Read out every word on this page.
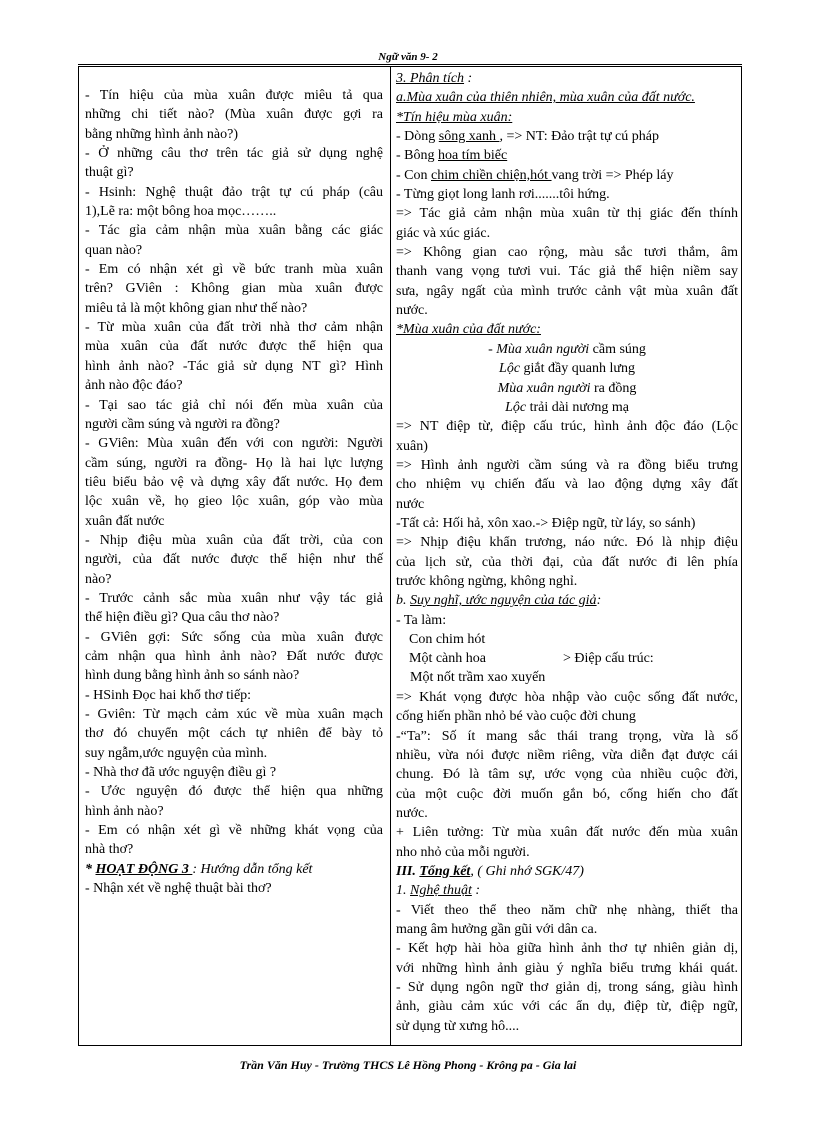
Ngữ văn 9- 2

- Tín hiệu của mùa xuân được miêu tả qua

những chi tiết nào? (Mùa xuân được gợi ra

bằng những hình ảnh nào?)

- Ở những câu thơ trên tác giả sử dụng nghệ

thuật gì?

- Hsinh: Nghệ thuật đảo trật tự cú pháp (câu

1),Lẽ ra: một bông hoa mọc……..

- Tác gỉa cảm nhận mùa xuân bằng các giác

quan nào?

- Em có nhận xét gì về bức tranh mùa xuân

trên? GViên : Không gian mùa xuân được

miêu tả là một không gian như thế nào?

- Từ mùa xuân của đất trời nhà thơ cảm nhận

mùa xuân của đất nước được thể hiện qua

hình ảnh nào? -Tác giả sử dụng NT gì? Hình

ảnh nào độc đáo?

- Tại sao tác giả chỉ nói đến mùa xuân của

người cầm súng và người ra đồng?

- GViên: Mùa xuân đến với con người: Người

cầm súng, người ra đồng- Họ là hai lực lượng

tiêu biểu bảo vệ và dựng xây đất nước. Họ đem

lộc xuân về, họ gieo lộc xuân, góp vào mùa

xuân đất nước

- Nhịp điệu mùa xuân của đất trời, của con

người, của đất nước được thể hiện như thế

nào?

- Trước cảnh sắc mùa xuân như vậy tác giả

thể hiện điều gì? Qua câu thơ nào?

- GViên gợi: Sức sống của mùa xuân được

cảm nhận qua hình ảnh nào? Đất nước được

hình dung bằng hình ảnh so sánh nào?

- HSinh Đọc hai khổ thơ tiếp:

- Gviên: Từ mạch cảm xúc về mùa xuân mạch

thơ đó chuyển một cách tự nhiên để bày tỏ

suy ngẫm,ước nguyện của mình.

- Nhà thơ đã ước nguyện điều gì ?

- Ước nguyện đó được thể hiện qua những

hình ảnh nào?

- Em có nhận xét gì về những khát vọng của

nhà thơ?

* HOẠT ĐỘNG 3 : Hướng dẫn tổng kết

- Nhận xét về nghệ thuật bài thơ?

3. Phân tích :

a.Mùa xuân của thiên nhiên, mùa xuân của đất nước.

*Tín hiệu mùa xuân:

- Dòng sông xanh , => NT: Đảo trật tự cú pháp

- Bông hoa tím biếc

- Con chim chiền chiện,hót vang trời => Phép láy

- Từng giọt long lanh rơi.......tôi hứng.

=> Tác giả cảm nhận mùa xuân từ thị giác đến thính

giác và xúc giác.

=> Không gian cao rộng, màu sắc tươi thắm, âm

thanh vang vọng tươi vui. Tác giả thể hiện niềm say

sưa, ngây ngất của mình trước cảnh vật mùa xuân đất

nước.

*Mùa xuân của đất nước:

- Mùa xuân người cầm súng

Lộc giắt đầy quanh lưng

Mùa xuân người ra đồng

Lộc trải dài nương mạ

=> NT điệp từ, điệp cấu trúc, hình ảnh độc đáo (Lộc

xuân)

=> Hình ảnh người cầm súng và ra đồng biểu trưng

cho nhiệm vụ chiến đấu và lao động dựng xây đất

nước

-Tất cả: Hối hả, xôn xao.-> Điệp ngữ, từ láy, so sánh)

=> Nhịp điệu khẩn trương, náo nức. Đó là nhịp điệu

của lịch sử, của thời đại, của đất nước đi lên phía

trước không ngừng, không nghỉ.

b. Suy nghĩ, ước nguyện của tác giả:

- Ta làm:

Con chim hót
Một cành hoa	> Điệp cấu trúc:
Một nốt trầm xao xuyến

=> Khát vọng được hòa nhập vào cuộc sống đất nước,

cống hiến phần nhỏ bé vào cuộc đời chung

-“Ta”: Số ít mang sắc thái trang trọng, vừa là số

nhiều, vừa nói được niềm riêng, vừa diễn đạt được cái

chung. Đó là tâm sự, ước vọng của nhiều cuộc đời,

của một cuộc đời muốn gắn bó, cống hiến cho đất

nước.

+ Liên tưởng: Từ mùa xuân đất nước đến mùa xuân

nho nhỏ của mỗi người.

III. Tổng kết, ( Ghi nhớ SGK/47)

1. Nghệ thuật :

- Viết theo thể theo năm chữ nhẹ nhàng, thiết tha

mang âm hưởng gần gũi với dân ca.

- Kết hợp hài hòa giữa hình ảnh thơ tự nhiên giản dị,

với những hình ảnh giàu ý nghĩa biểu trưng khái quát.

- Sử dụng ngôn ngữ thơ giản dị, trong sáng, giàu hình

ảnh, giàu cảm xúc với các ẩn dụ, điệp từ, điệp ngữ,

sử dụng từ xưng hô....

Trần Văn Huy - Trường THCS Lê Hồng Phong - Krông pa - Gia lai
